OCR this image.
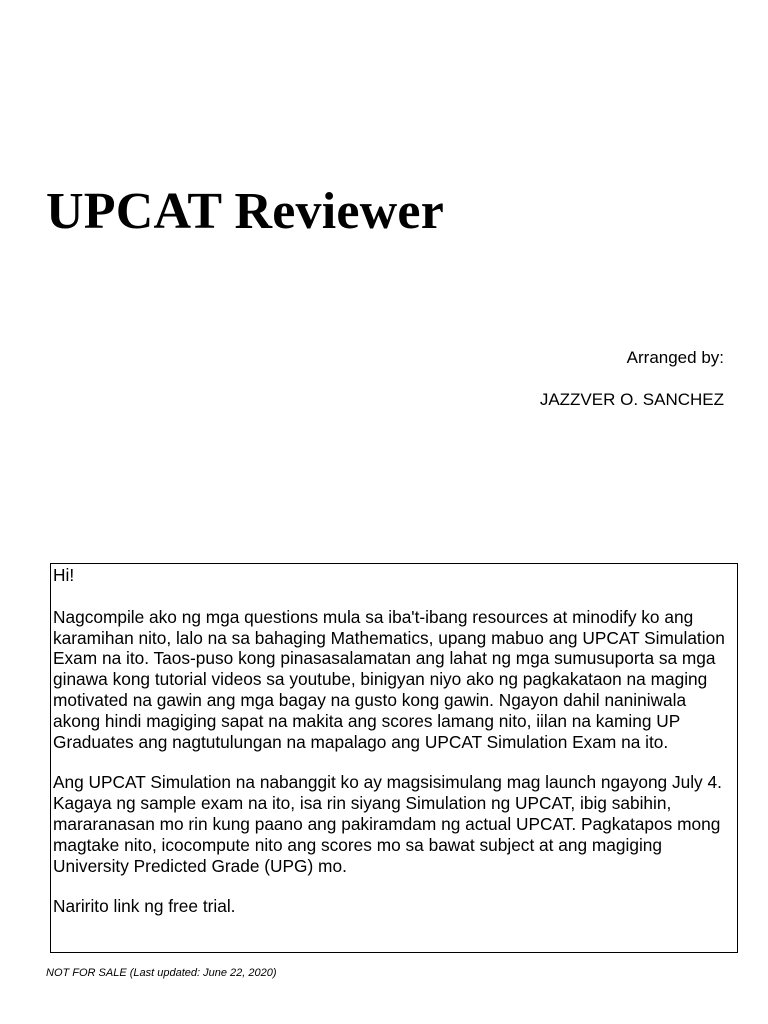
UPCAT Reviewer
Arranged by:
JAZZVER O. SANCHEZ

Hi!

Nagcompile ako ng mga questions mula sa iba't-ibang resources at minodify ko ang karamihan nito, lalo na sa bahaging Mathematics, upang mabuo ang UPCAT Simulation Exam na ito. Taos-puso kong pinasasalamatan ang lahat ng mga sumusuporta sa mga ginawa kong tutorial videos sa youtube, binigyan niyo ako ng pagkakataon na maging motivated na gawin ang mga bagay na gusto kong gawin. Ngayon dahil naniniwala akong hindi magiging sapat na makita ang scores lamang nito, iilan na kaming UP Graduates ang nagtutulungan na mapalago ang UPCAT Simulation Exam na ito.

Ang UPCAT Simulation na nabanggit ko ay magsisimulang mag launch ngayong July 4. Kagaya ng sample exam na ito, isa rin siyang Simulation ng UPCAT, ibig sabihin, mararanasan mo rin kung paano ang pakiramdam ng actual UPCAT. Pagkatapos mong magtake nito, icocompute nito ang scores mo sa bawat subject at ang magiging University Predicted Grade (UPG) mo.

Naririto link ng free trial.

NOT FOR SALE (Last updated: June 22, 2020)
